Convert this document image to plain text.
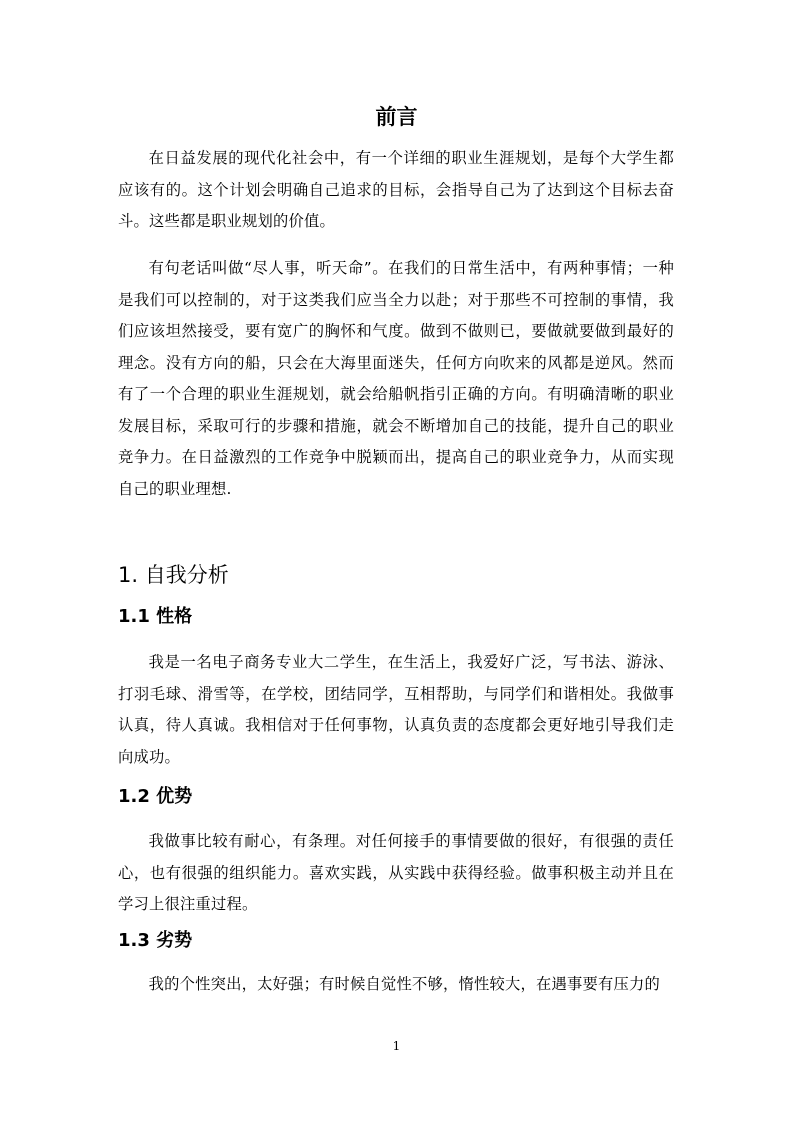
前言

在日益发展的现代化社会中，有一个详细的职业生涯规划，是每个大学生都应该有的。这个计划会明确自己追求的目标，会指导自己为了达到这个目标去奋斗。这些都是职业规划的价值。

有句老话叫做“尽人事，听天命”。在我们的日常生活中，有两种事情；一种是我们可以控制的，对于这类我们应当全力以赴；对于那些不可控制的事情，我们应该坦然接受，要有宽广的胸怀和气度。做到不做则已，要做就要做到最好的理念。没有方向的船，只会在大海里面迷失，任何方向吹来的风都是逆风。然而有了一个合理的职业生涯规划，就会给船帆指引正确的方向。有明确清晰的职业发展目标，采取可行的步骤和措施，就会不断增加自己的技能，提升自己的职业竞争力。在日益激烈的工作竞争中脱颖而出，提高自己的职业竞争力，从而实现自己的职业理想.

1. 自我分析
1.1 性格

我是一名电子商务专业大二学生，在生活上，我爱好广泛，写书法、游泳、打羽毛球、滑雪等，在学校，团结同学，互相帮助，与同学们和谐相处。我做事认真，待人真诚。我相信对于任何事物，认真负责的态度都会更好地引导我们走向成功。

1.2 优势

我做事比较有耐心，有条理。对任何接手的事情要做的很好，有很强的责任心，也有很强的组织能力。喜欢实践，从实践中获得经验。做事积极主动并且在学习上很注重过程。

1.3 劣势

我的个性突出，太好强；有时候自觉性不够，惰性较大，在遇事要有压力的

1
